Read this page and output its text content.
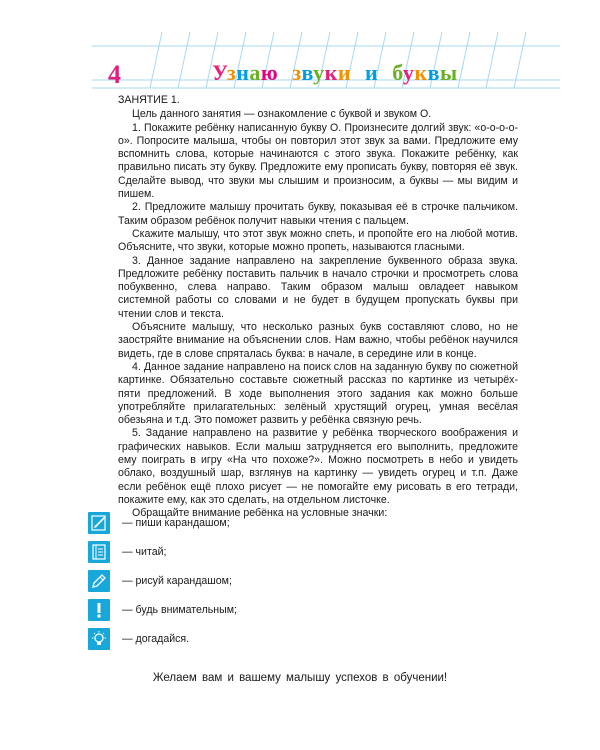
4	Узнаю звуки и буквы

ЗАНЯТИЕ 1.

Цель данного занятия — ознакомление с буквой и звуком О.

1. Покажите ребёнку написанную букву О. Произнесите долгий звук: «о-о-о-о-о». Попросите малыша, чтобы он повторил этот звук за вами. Предложите ему вспомнить слова, которые начинаются с этого звука. Покажите ребёнку, как правильно писать эту букву. Предложите ему прописать букву, повторяя её звук. Сделайте вывод, что звуки мы слышим и произносим, а буквы — мы видим и пишем.

2. Предложите малышу прочитать букву, показывая её в строчке пальчиком. Таким образом ребёнок получит навыки чтения с пальцем.

Скажите малышу, что этот звук можно спеть, и пропойте его на любой мотив. Объясните, что звуки, которые можно пропеть, называются гласными.

3. Данное задание направлено на закрепление буквенного образа звука. Предложите ребёнку поставить пальчик в начало строчки и просмотреть слова побуквенно, слева направо. Таким образом малыш овладеет навыком системной работы со словами и не будет в будущем пропускать буквы при чтении слов и текста.

Объясните малышу, что несколько разных букв составляют слово, но не заостряйте внимание на объяснении слов. Нам важно, чтобы ребёнок научился видеть, где в слове спряталась буква: в начале, в середине или в конце.

4. Данное задание направлено на поиск слов на заданную букву по сюжетной картинке. Обязательно составьте сюжетный рассказ по картинке из четырёх-пяти предложений. В ходе выполнения этого задания как можно больше употребляйте прилагательных: зелёный хрустящий огурец, умная весёлая обезьяна и т.д. Это поможет развить у ребёнка связную речь.

5. Задание направлено на развитие у ребёнка творческого воображения и графических навыков. Если малыш затрудняется его выполнить, предложите ему поиграть в игру «На что похоже?». Можно посмотреть в небо и увидеть облако, воздушный шар, взглянув на картинку — увидеть огурец и т.п. Даже если ребёнок ещё плохо рисует — не помогайте ему рисовать в его тетради, покажите ему, как это сделать, на отдельном листочке.

Обращайте внимание ребёнка на условные значки:

— пиши карандашом;
— читай;
— рисуй карандашом;
— будь внимательным;
— догадайся.
Желаем вам и вашему малышу успехов в обучении!
